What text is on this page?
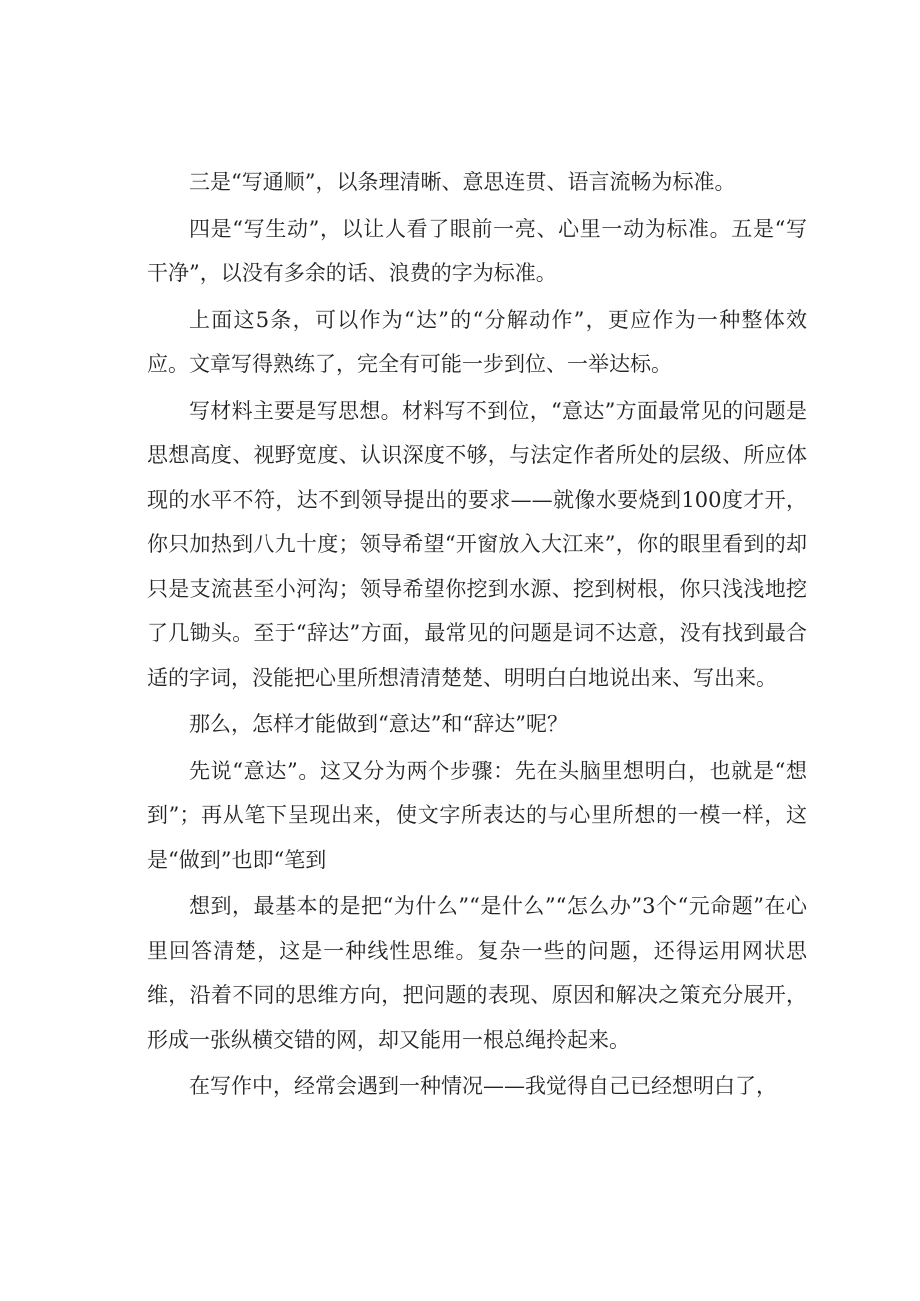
三是“写通顺”，以条理清晰、意思连贯、语言流畅为标准。

四是“写生动”，以让人看了眼前一亮、心里一动为标准。五是“写干净”，以没有多余的话、浪费的字为标准。

上面这5条，可以作为“达”的“分解动作”，更应作为一种整体效应。文章写得熟练了，完全有可能一步到位、一举达标。

写材料主要是写思想。材料写不到位，“意达”方面最常见的问题是思想高度、视野宽度、认识深度不够，与法定作者所处的层级、所应体现的水平不符，达不到领导提出的要求——就像水要烧到100度才开，你只加热到八九十度；领导希望“开窗放入大江来”，你的眼里看到的却只是支流甚至小河沟；领导希望你挖到水源、挖到树根，你只浅浅地挖了几锄头。至于“辞达”方面，最常见的问题是词不达意，没有找到最合适的字词，没能把心里所想清清楚楚、明明白白地说出来、写出来。

那么，怎样才能做到“意达”和“辞达”呢？

先说“意达”。这又分为两个步骤：先在头脑里想明白，也就是“想到”；再从笔下呈现出来，使文字所表达的与心里所想的一模一样，这是“做到”也即“笔到

想到，最基本的是把“为什么”“是什么”“怎么办”3个“元命题”在心里回答清楚，这是一种线性思维。复杂一些的问题，还得运用网状思维，沿着不同的思维方向，把问题的表现、原因和解决之策充分展开，形成一张纵横交错的网，却又能用一根总绳拎起来。

在写作中，经常会遇到一种情况——我觉得自己已经想明白了，
